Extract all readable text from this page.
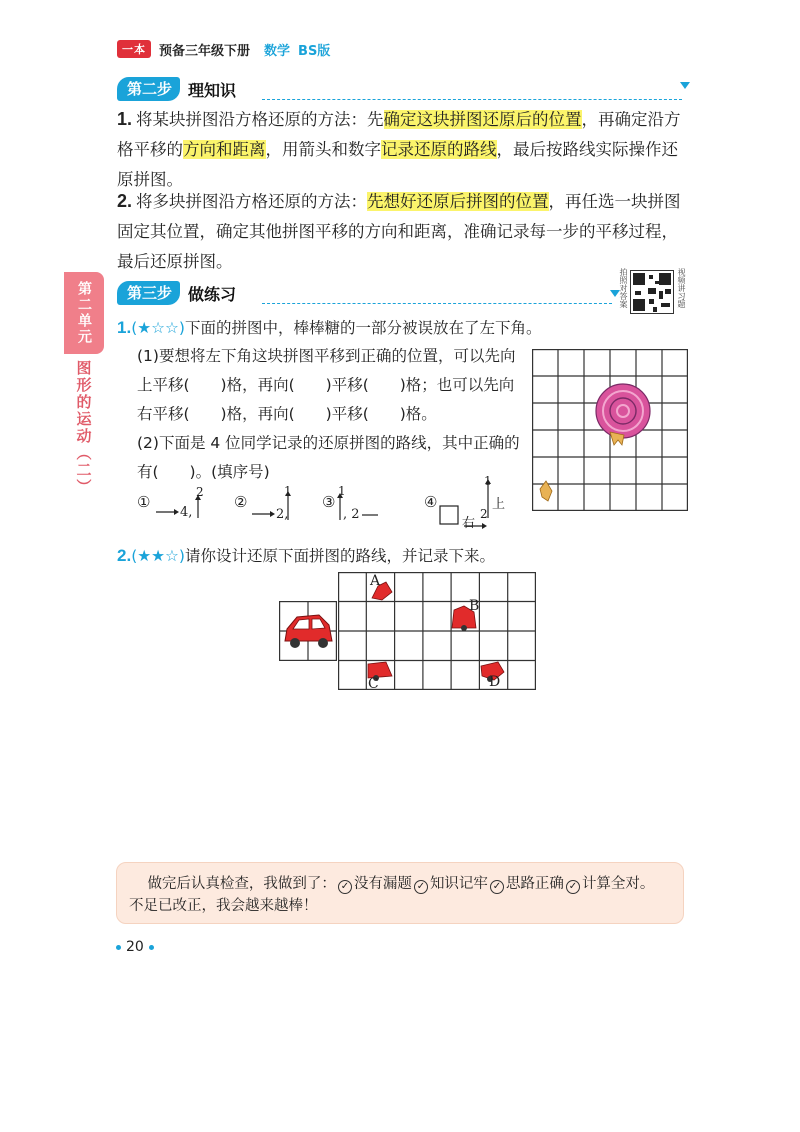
一本	预备三年级下册 数学 BS版
第二步	理知识
1. 将某块拼图沿方格还原的方法：先确定这块拼图还原后的位置，再确定沿方格平移的方向和距离，用箭头和数字记录还原的路线，最后按路线实际操作还原拼图。
2. 将多块拼图沿方格还原的方法：先想好还原后拼图的位置，再任选一块拼图固定其位置，确定其他拼图平移的方向和距离，准确记录每一步的平移过程，最后还原拼图。
第二单元
图形的运动（二）
拍照对答案	视频讲习题
第三步	做练习
1.(★☆☆)下面的拼图中，棒棒糖的一部分被误放在了左下角。
(1)要想将左下角这块拼图平移到正确的位置，可以先向
上平移(　　)格，再向(　　)平移(　　)格；也可以先向
右平移(　　)格，再向(　　)平移(　　)格。
(2)下面是 4 位同学记录的还原拼图的路线，其中正确的
有(　　)。(填序号)
①
4,
2
②
2,
1
③
1
, 2
④
1
上
右
2
2.(★★☆)请你设计还原下面拼图的路线，并记录下来。
A
B
C	D
做完后认真检查，我做到了： ✓ 没有漏题 ✓ 知识记牢 ✓ 思路正确 ✓ 计算全对。
不足已改正，我会越来越棒！
20
